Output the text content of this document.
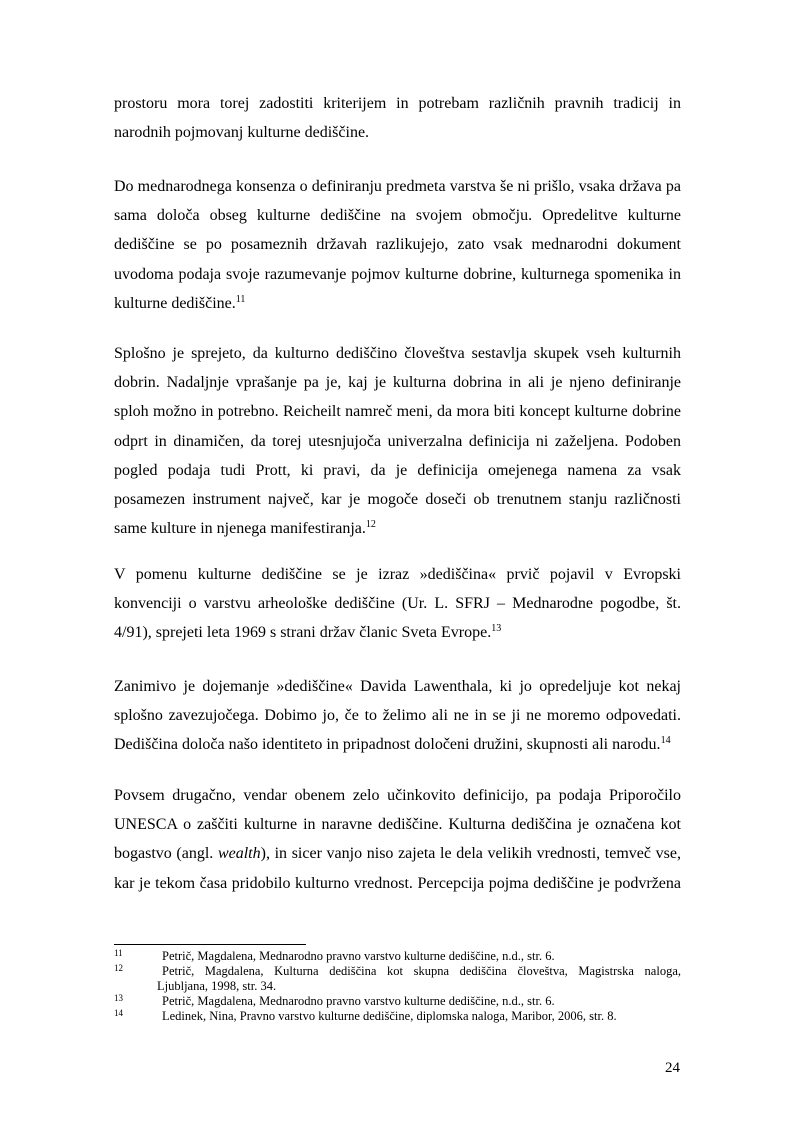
prostoru mora torej zadostiti kriterijem in potrebam različnih pravnih tradicij in
narodnih pojmovanj kulturne dediščine.
Do mednarodnega konsenza o definiranju predmeta varstva še ni prišlo, vsaka država pa
sama določa obseg kulturne dediščine na svojem območju. Opredelitve kulturne
dediščine se po posameznih državah razlikujejo, zato vsak mednarodni dokument
uvodoma podaja svoje razumevanje pojmov kulturne dobrine, kulturnega spomenika in
kulturne dediščine.$^{11}$
Splošno je sprejeto, da kulturno dediščino človeštva sestavlja skupek vseh kulturnih
dobrin. Nadaljnje vprašanje pa je, kaj je kulturna dobrina in ali je njeno definiranje
sploh možno in potrebno. Reicheilt namreč meni, da mora biti koncept kulturne dobrine
odprt in dinamičen, da torej utesnjujoča univerzalna definicija ni zaželjena. Podoben
pogled podaja tudi Prott, ki pravi, da je definicija omejenega namena za vsak
posamezen instrument največ, kar je mogoče doseči ob trenutnem stanju različnosti
same kulture in njenega manifestiranja.$^{12}$
V pomenu kulturne dediščine se je izraz »dediščina« prvič pojavil v Evropski
konvenciji o varstvu arheološke dediščine (Ur. L. SFRJ – Mednarodne pogodbe, št.
4/91), sprejeti leta 1969 s strani držav članic Sveta Evrope.$^{13}$
Zanimivo je dojemanje »dediščine« Davida Lawenthala, ki jo opredeljuje kot nekaj
splošno zavezujočega. Dobimo jo, če to želimo ali ne in se ji ne moremo odpovedati.
Dediščina določa našo identiteto in pripadnost določeni družini, skupnosti ali narodu.$^{14}$
Povsem drugačno, vendar obenem zelo učinkovito definicijo, pa podaja Priporočilo
UNESCA o zaščiti kulturne in naravne dediščine. Kulturna dediščina je označena kot
bogastvo (angl. wealth), in sicer vanjo niso zajeta le dela velikih vrednosti, temveč vse,
kar je tekom časa pridobilo kulturno vrednost. Percepcija pojma dediščine je podvržena
11	Petrič, Magdalena, Mednarodno pravno varstvo kulturne dediščine, n.d., str. 6.
12	Petrič, Magdalena, Kulturna dediščina kot skupna dediščina človeštva, Magistrska naloga,
Ljubljana, 1998, str. 34.
13	Petrič, Magdalena, Mednarodno pravno varstvo kulturne dediščine, n.d., str. 6.
14	Ledinek, Nina, Pravno varstvo kulturne dediščine, diplomska naloga, Maribor, 2006, str. 8.
24
